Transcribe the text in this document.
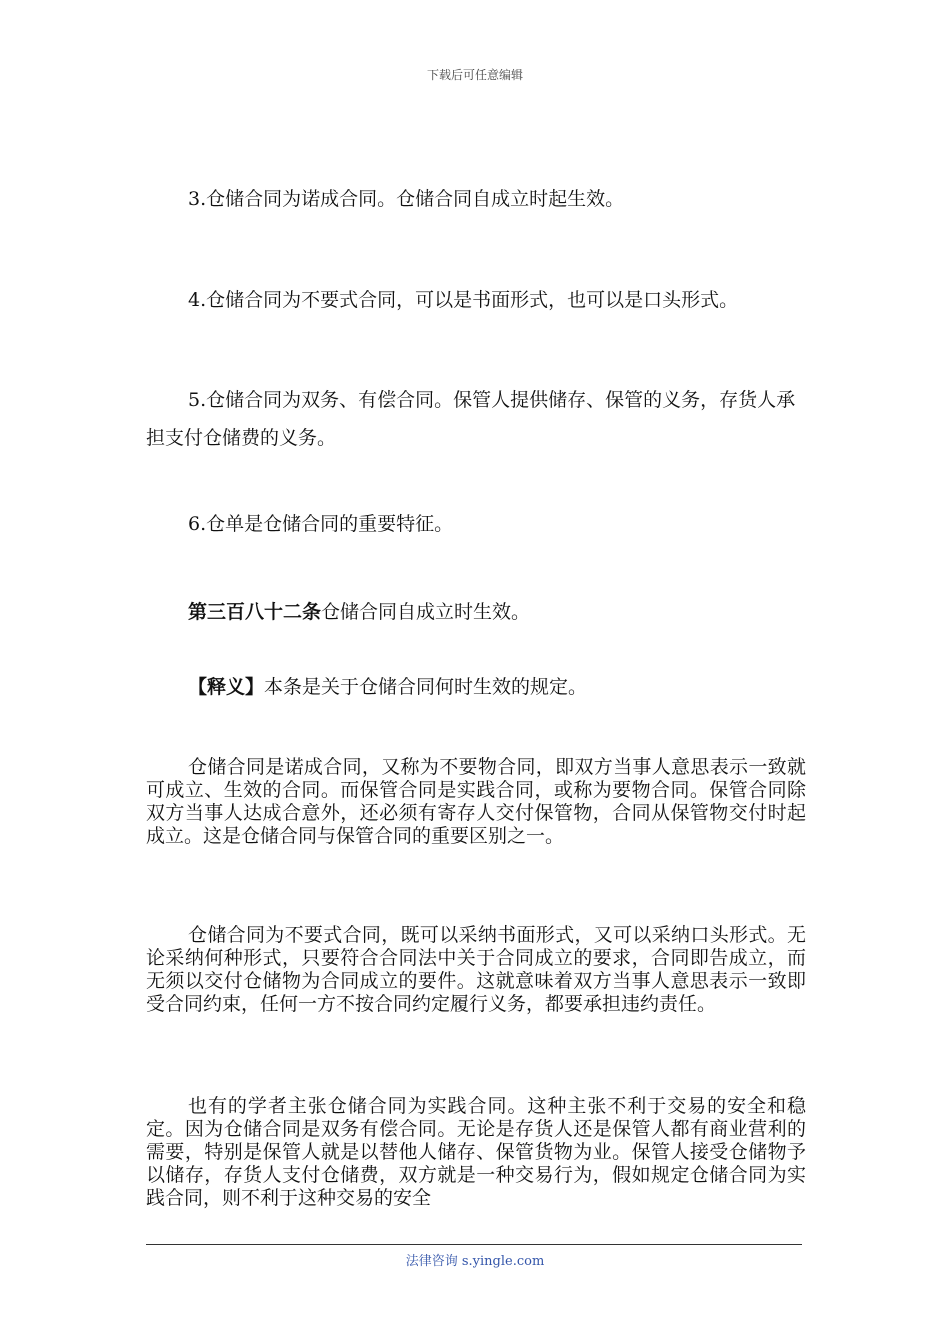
下载后可任意编辑

3.仓储合同为诺成合同。仓储合同自成立时起生效。

4.仓储合同为不要式合同，可以是书面形式，也可以是口头形式。

5.仓储合同为双务、有偿合同。保管人提供储存、保管的义务，存货人承担支付仓储费的义务。

6.仓单是仓储合同的重要特征。

第三百八十二条仓储合同自成立时生效。

【释义】本条是关于仓储合同何时生效的规定。

仓储合同是诺成合同，又称为不要物合同，即双方当事人意思表示一致就可成立、生效的合同。而保管合同是实践合同，或称为要物合同。保管合同除双方当事人达成合意外，还必须有寄存人交付保管物，合同从保管物交付时起成立。这是仓储合同与保管合同的重要区别之一。

仓储合同为不要式合同，既可以采纳书面形式，又可以采纳口头形式。无论采纳何种形式，只要符合合同法中关于合同成立的要求，合同即告成立，而无须以交付仓储物为合同成立的要件。这就意味着双方当事人意思表示一致即受合同约束，任何一方不按合同约定履行义务，都要承担违约责任。

也有的学者主张仓储合同为实践合同。这种主张不利于交易的安全和稳定。因为仓储合同是双务有偿合同。无论是存货人还是保管人都有商业营利的需要，特别是保管人就是以替他人储存、保管货物为业。保管人接受仓储物予以储存，存货人支付仓储费，双方就是一种交易行为，假如规定仓储合同为实践合同，则不利于这种交易的安全

法律咨询 s.yingle.com
